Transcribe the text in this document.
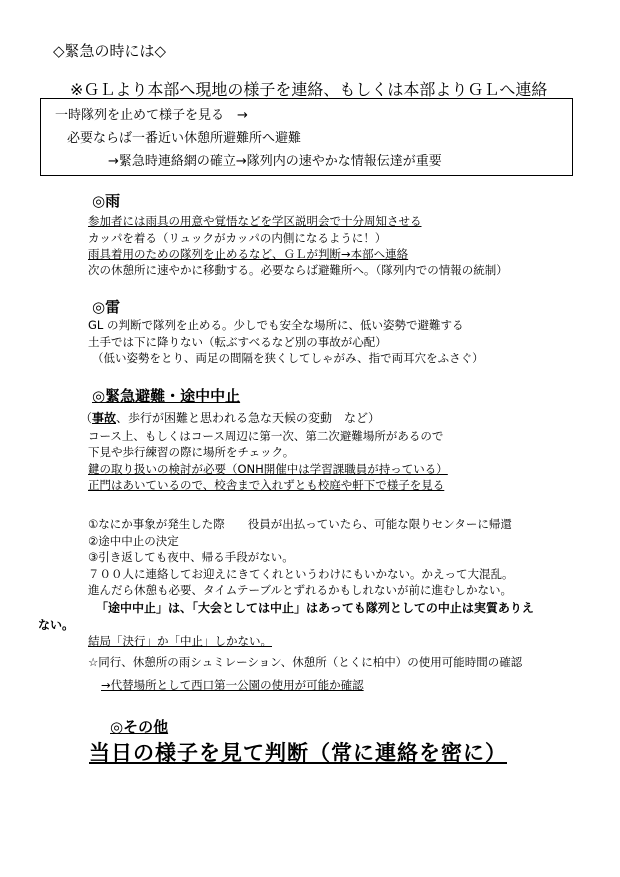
◇緊急の時には◇
※ＧＬより本部へ現地の様子を連絡、もしくは本部よりＧＬへ連絡
一時隊列を止めて様子を見る　→
必要ならば一番近い休憩所避難所へ避難
→緊急時連絡網の確立→隊列内の速やかな情報伝達が重要
◎雨
参加者には雨具の用意や覚悟などを学区説明会で十分周知させる
カッパを着る（リュックがカッパの内側になるように！）
雨具着用のための隊列を止めるなど、ＧＬが判断→本部へ連絡
次の休憩所に速やかに移動する。必要ならば避難所へ。（隊列内での情報の統制）
◎雷
GL の判断で隊列を止める。少しでも安全な場所に、低い姿勢で避難する
土手では下に降りない（転ぶすべるなど別の事故が心配）
（低い姿勢をとり、両足の間隔を狭くしてしゃがみ、指で両耳穴をふさぐ）
◎緊急避難・途中中止
（事故、歩行が困難と思われる急な天候の変動　など）
コース上、もしくはコース周辺に第一次、第二次避難場所があるので
下見や歩行練習の際に場所をチェック。
鍵の取り扱いの検討が必要（ONH開催中は学習課職員が持っている）
正門はあいているので、校舎まで入れずとも校庭や軒下で様子を見る
①なにか事象が発生した際　　役員が出払っていたら、可能な限りセンターに帰還
②途中中止の決定
③引き返しても夜中、帰る手段がない。
７００人に連絡してお迎えにきてくれというわけにもいかない。かえって大混乱。
進んだら休憩も必要、タイムテーブルとずれるかもしれないが前に進むしかない。
「途中中止」は、「大会としては中止」はあっても隊列としての中止は実質ありえ
ない。
結局「決行」か「中止」しかない。
☆同行、休憩所の雨シュミレーション、休憩所（とくに柏中）の使用可能時間の確認
→代替場所として西口第一公園の使用が可能か確認
◎その他
当日の様子を見て判断（常に連絡を密に）
